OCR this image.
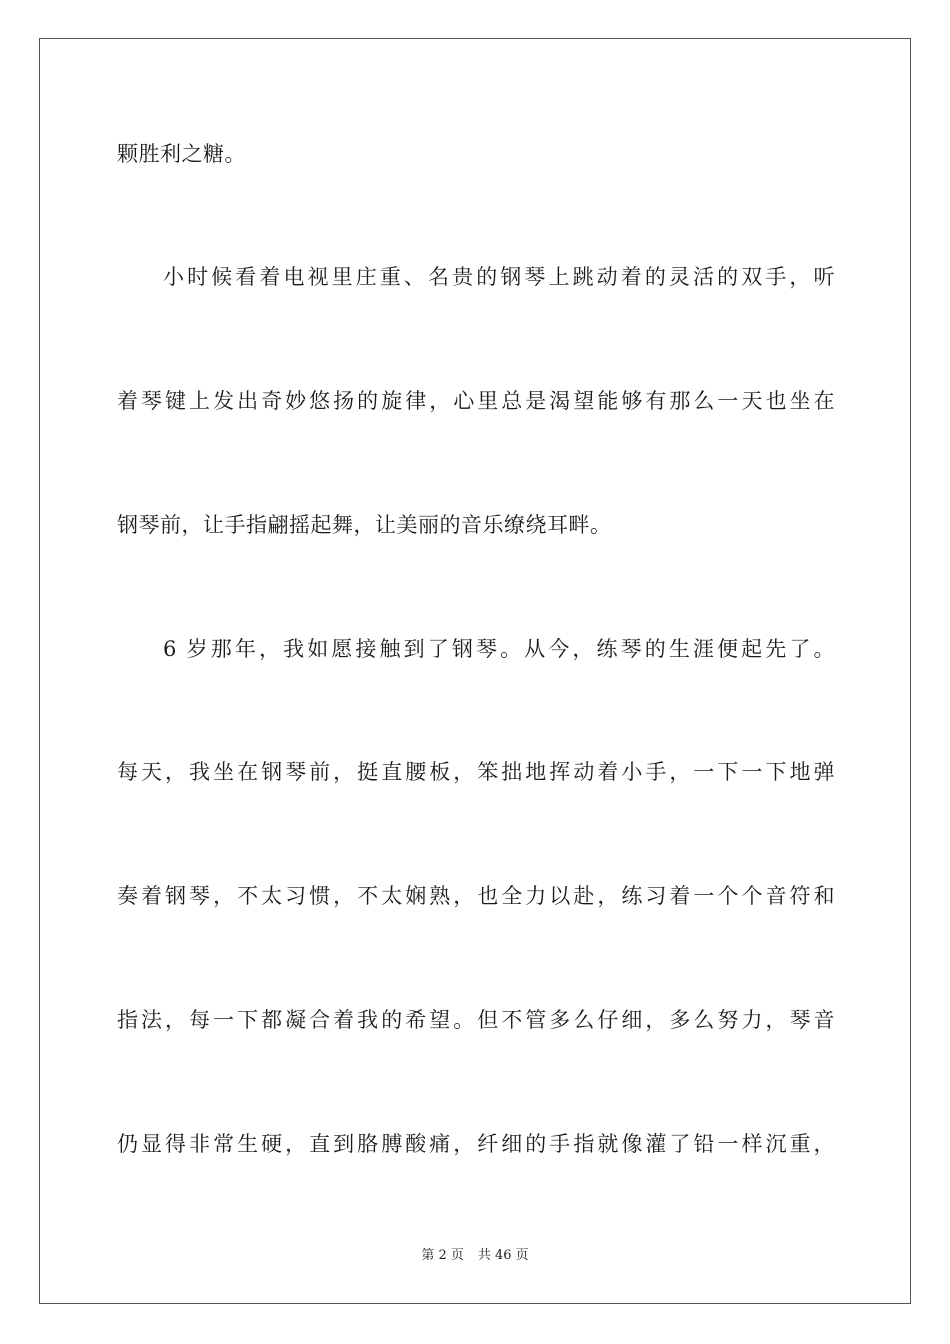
颗胜利之糖。
小时候看着电视里庄重、名贵的钢琴上跳动着的灵活的双手，听
着琴键上发出奇妙悠扬的旋律，心里总是渴望能够有那么一天也坐在
钢琴前，让手指翩摇起舞，让美丽的音乐缭绕耳畔。
6 岁那年，我如愿接触到了钢琴。从今，练琴的生涯便起先了。
每天，我坐在钢琴前，挺直腰板，笨拙地挥动着小手，一下一下地弹
奏着钢琴，不太习惯，不太娴熟，也全力以赴，练习着一个个音符和
指法，每一下都凝合着我的希望。但不管多么仔细，多么努力，琴音
仍显得非常生硬，直到胳膊酸痛，纤细的手指就像灌了铅一样沉重，
第 2 页 共 46 页
